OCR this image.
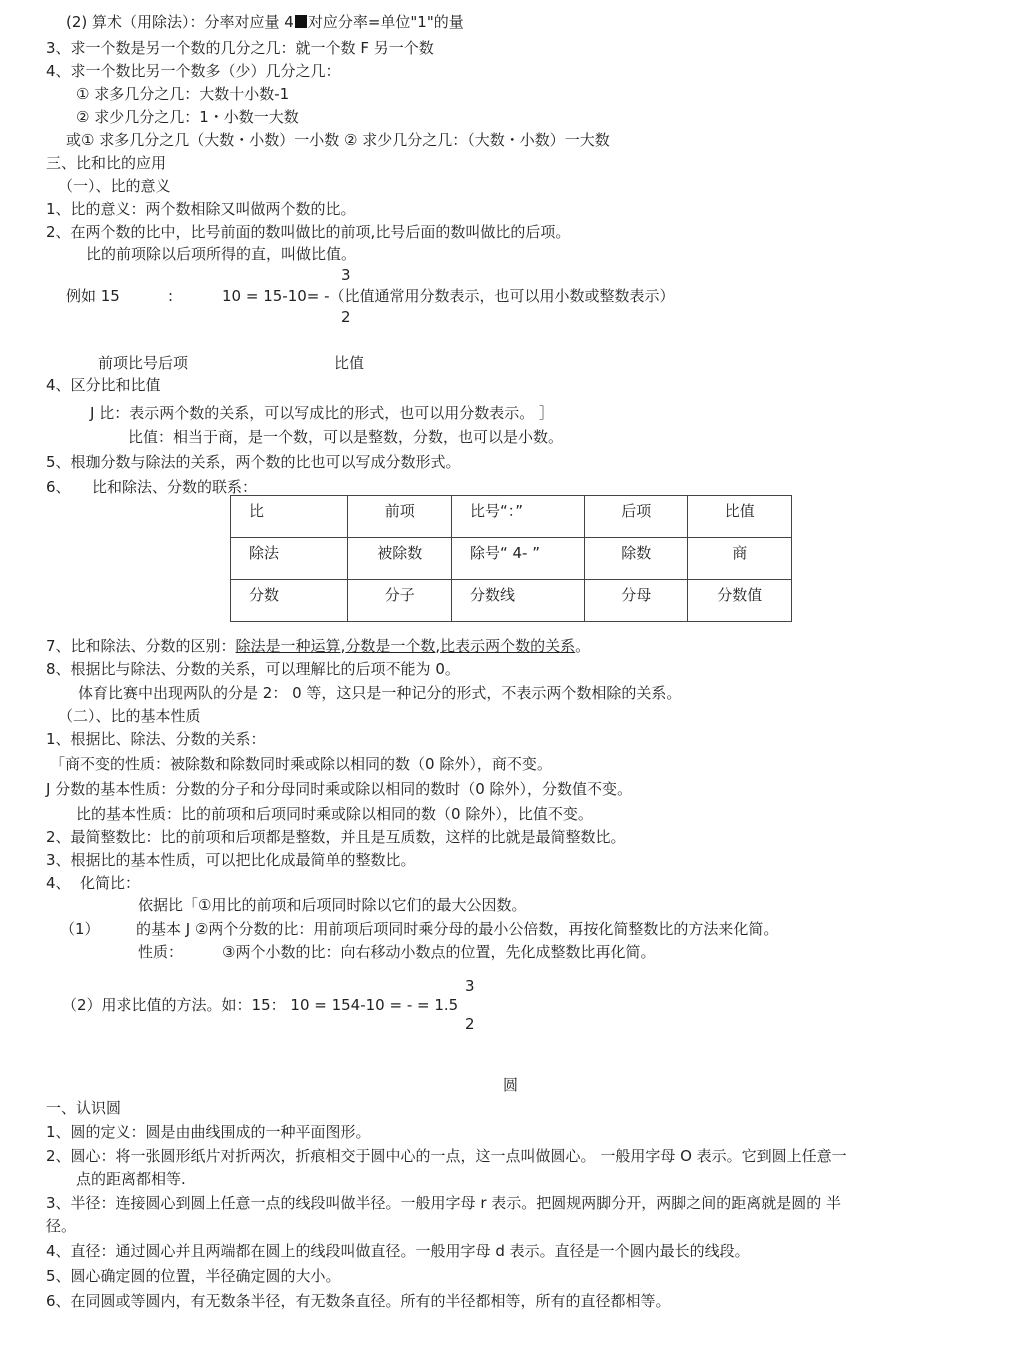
(2) 算术（用除法）：分率对应量 4 对应分率=单位"1"的量
3、求一个数是另一个数的几分之几：就一个数 F 另一个数
4、求一个数比另一个数多（少）几分之几：
① 求多几分之几：大数十小数-1
② 求少几分之几：1・小数一大数
或① 求多几分之几（大数・小数）一小数 ② 求少几分之几：（大数・小数）一大数
三、比和比的应用
（一）、比的意义
1、比的意义：两个数相除又叫做两个数的比。
2、在两个数的比中，比号前面的数叫做比的前项,比号后面的数叫做比的后项。
比的前项除以后项所得的直，叫做比值。
3
例如 15	:	10 = 15-10= -（比值通常用分数表示，也可以用小数或整数表示）
2
前项比号后项	比值
4、区分比和比值
J 比：表示两个数的关系，可以写成比的形式，也可以用分数表示。 ］
比值：相当于商，是一个数，可以是整数，分数，也可以是小数。
5、根珈分数与除法的关系，两个数的比也可以写成分数形式。
6、 比和除法、分数的联系：
比	前项	比号“：”	后项	比值
除法	被除数	除号“ 4- ”	除数	商
分数	分子	分数线	分母	分数值
7、比和除法、分数的区别：除法是一种运算,分数是一个数,比表示两个数的关系。
8、根据比与除法、分数的关系，可以理解比的后项不能为 0。
体育比赛中出现两队的分是 2： 0 等，这只是一种记分的形式，不表示两个数相除的关系。
（二）、比的基本性质
1、根据比、除法、分数的关系：
「商不变的性质：被除数和除数同时乘或除以相同的数（0 除外），商不变。
J 分数的基本性质：分数的分子和分母同时乘或除以相同的数时（0 除外），分数值不变。
比的基本性质：比的前项和后项同时乘或除以相同的数（0 除外），比值不变。
2、最简整数比：比的前项和后项都是整数，并且是互质数，这样的比就是最简整数比。
3、根据比的基本性质，可以把比化成最简单的整数比。
4、 化简比：
依据比「①用比的前项和后项同时除以它们的最大公因数。
（1） 的基本 J ②两个分数的比：用前项后项同时乘分母的最小公倍数，再按化简整数比的方法来化简。
性质：	③两个小数的比：向右移动小数点的位置，先化成整数比再化简。
3
（2）用求比值的方法。如：15： 10 = 154-10 = - = 1.5
2
圆
一、认识圆
1、圆的定义：圆是由曲线围成的一种平面图形。
2、圆心：将一张圆形纸片对折两次，折痕相交于圆中心的一点，这一点叫做圆心。 一般用字母 O 表示。它到圆上任意一
点的距离都相等.
3、半径：连接圆心到圆上任意一点的线段叫做半径。一般用字母 r 表示。把圆规两脚分开，两脚之间的距离就是圆的 半
径。
4、直径：通过圆心并且两端都在圆上的线段叫做直径。一般用字母 d 表示。直径是一个圆内最长的线段。
5、圆心确定圆的位置，半径确定圆的大小。
6、在同圆或等圆内，有无数条半径，有无数条直径。所有的半径都相等，所有的直径都相等。
